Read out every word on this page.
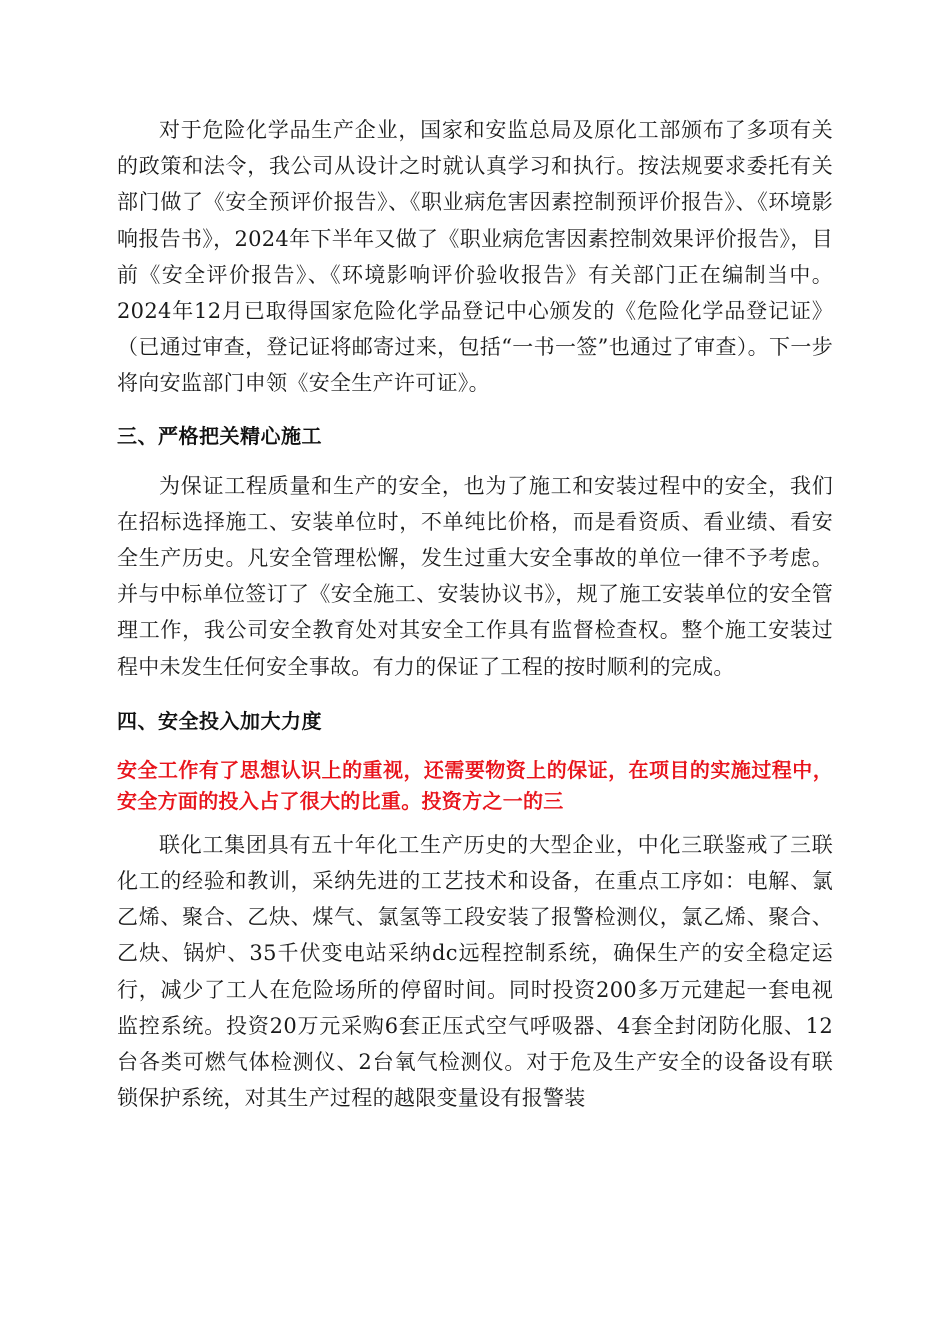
对于危险化学品生产企业，国家和安监总局及原化工部颁布了多项有关的政策和法令，我公司从设计之时就认真学习和执行。按法规要求委托有关部门做了《安全预评价报告》、《职业病危害因素控制预评价报告》、《环境影响报告书》，2024年下半年又做了《职业病危害因素控制效果评价报告》，目前《安全评价报告》、《环境影响评价验收报告》有关部门正在编制当中。2024年12月已取得国家危险化学品登记中心颁发的《危险化学品登记证》（已通过审查，登记证将邮寄过来，包括“一书一签”也通过了审查）。下一步将向安监部门申领《安全生产许可证》。

三、严格把关精心施工

为保证工程质量和生产的安全，也为了施工和安装过程中的安全，我们在招标选择施工、安装单位时，不单纯比价格，而是看资质、看业绩、看安全生产历史。凡安全管理松懈，发生过重大安全事故的单位一律不予考虑。并与中标单位签订了《安全施工、安装协议书》，规了施工安装单位的安全管理工作，我公司安全教育处对其安全工作具有监督检查权。整个施工安装过程中未发生任何安全事故。有力的保证了工程的按时顺利的完成。

四、安全投入加大力度

安全工作有了思想认识上的重视，还需要物资上的保证，在项目的实施过程中，安全方面的投入占了很大的比重。投资方之一的三

联化工集团具有五十年化工生产历史的大型企业，中化三联鉴戒了三联化工的经验和教训，采纳先进的工艺技术和设备，在重点工序如：电解、氯乙烯、聚合、乙炔、煤气、氯氢等工段安装了报警检测仪，氯乙烯、聚合、乙炔、锅炉、35千伏变电站采纳dc远程控制系统，确保生产的安全稳定运行，减少了工人在危险场所的停留时间。同时投资200多万元建起一套电视监控系统。投资20万元采购6套正压式空气呼吸器、4套全封闭防化服、12台各类可燃气体检测仪、2台氧气检测仪。对于危及生产安全的设备设有联锁保护系统，对其生产过程的越限变量设有报警装
